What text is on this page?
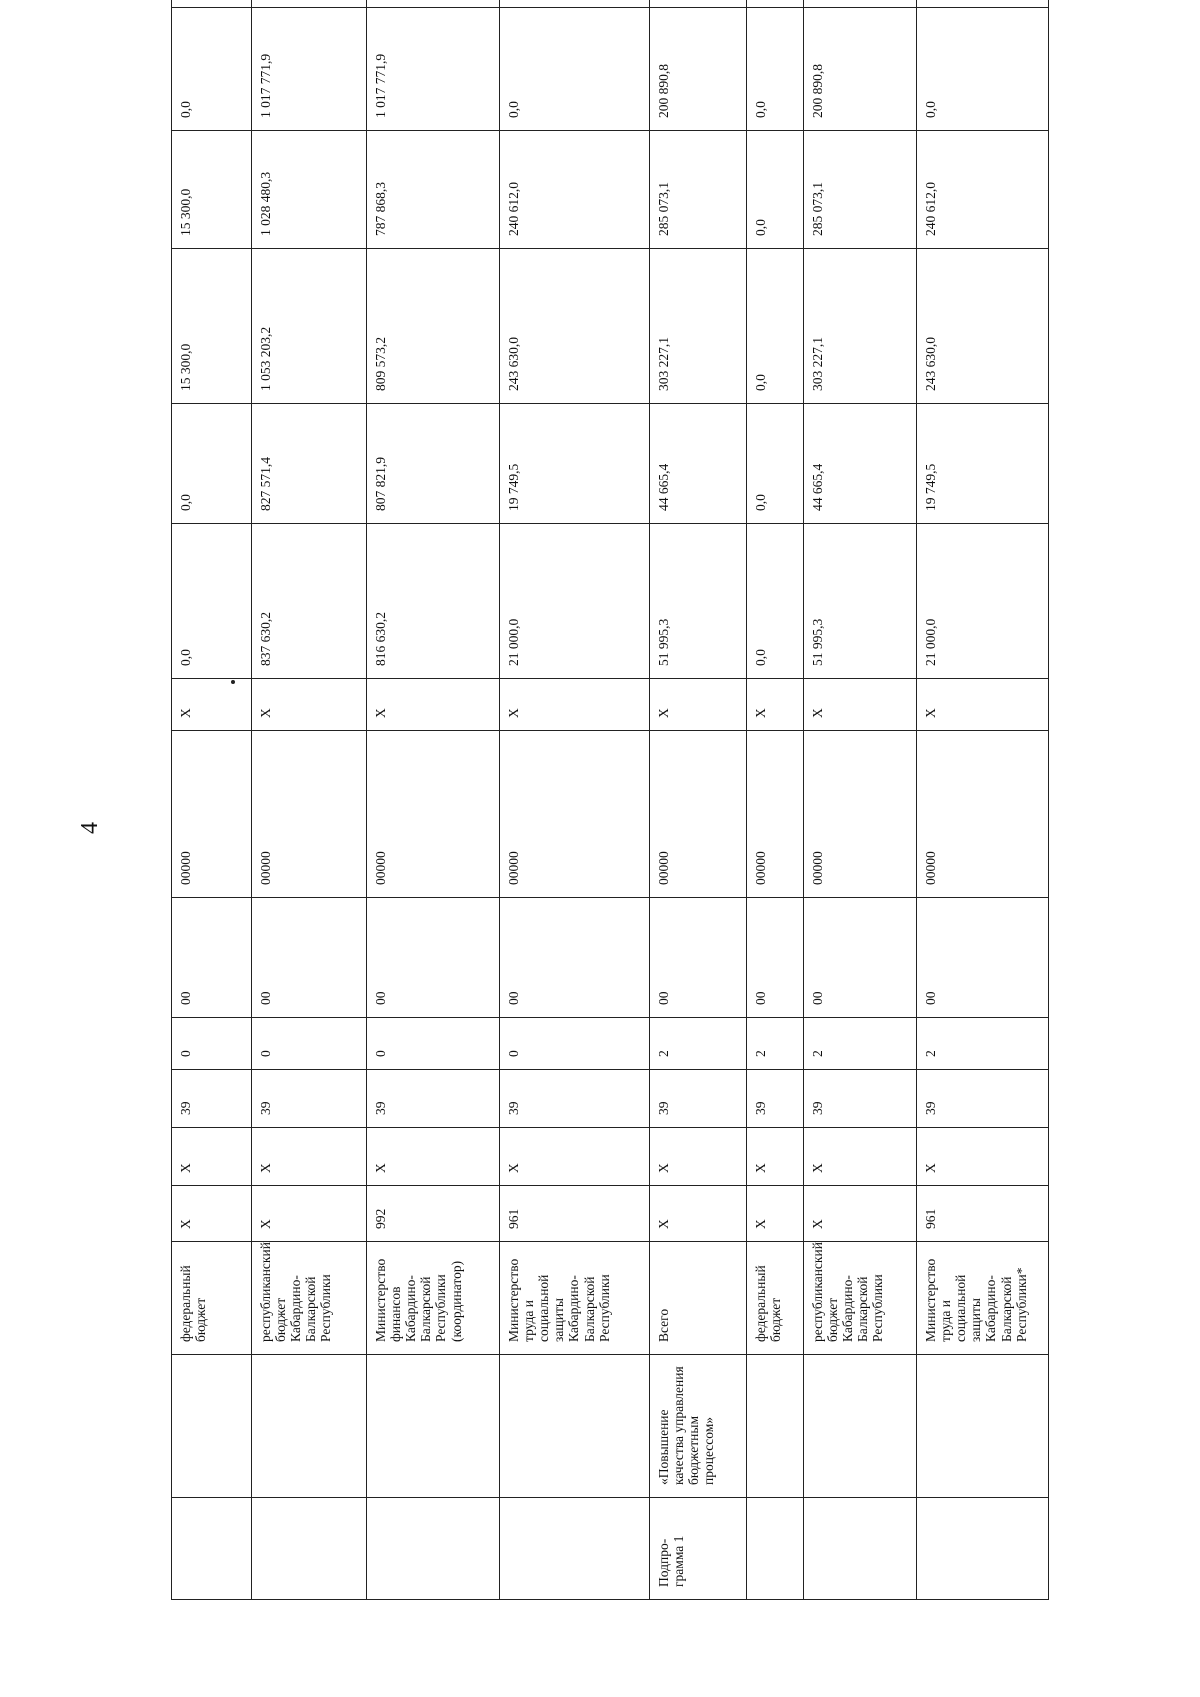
4
		федеральный бюджет	Х	Х	39	0	00	00000	Х	0,0	0,0	15 300,0	15 300,0	0,0		
		республиканский бюджет Кабардино-Балкарской Республики	Х	Х	39	0	00	00000	Х	837 630,2	827 571,4	1 053 203,2	1 028 480,3	1 017 771,9		
		Министерство финансов Кабардино-Балкарской Республики (координатор)	992	Х	39	0	00	00000	Х	816 630,2	807 821,9	809 573,2	787 868,3	1 017 771,9		
		Министерство труда и социальной защиты Кабардино-Балкарской Республики	961	Х	39	0	00	00000	Х	21 000,0	19 749,5	243 630,0	240 612,0	0,0		
Подпро-грамма 1	«Повышение качества управления бюджетным процессом»	Всего	Х	Х	39	2	00	00000	Х	51 995,3	44 665,4	303 227,1	285 073,1	200 890,8		
		федеральный бюджет	Х	Х	39	2	00	00000	Х	0,0	0,0	0,0	0,0	0,0		
		республиканский бюджет Кабардино-Балкарской Республики	Х	Х	39	2	00	00000	Х	51 995,3	44 665,4	303 227,1	285 073,1	200 890,8		
		Министерство труда и социальной защиты Кабардино-Балкарской Республики*	961	Х	39	2	00	00000	Х	21 000,0	19 749,5	243 630,0	240 612,0	0,0		
